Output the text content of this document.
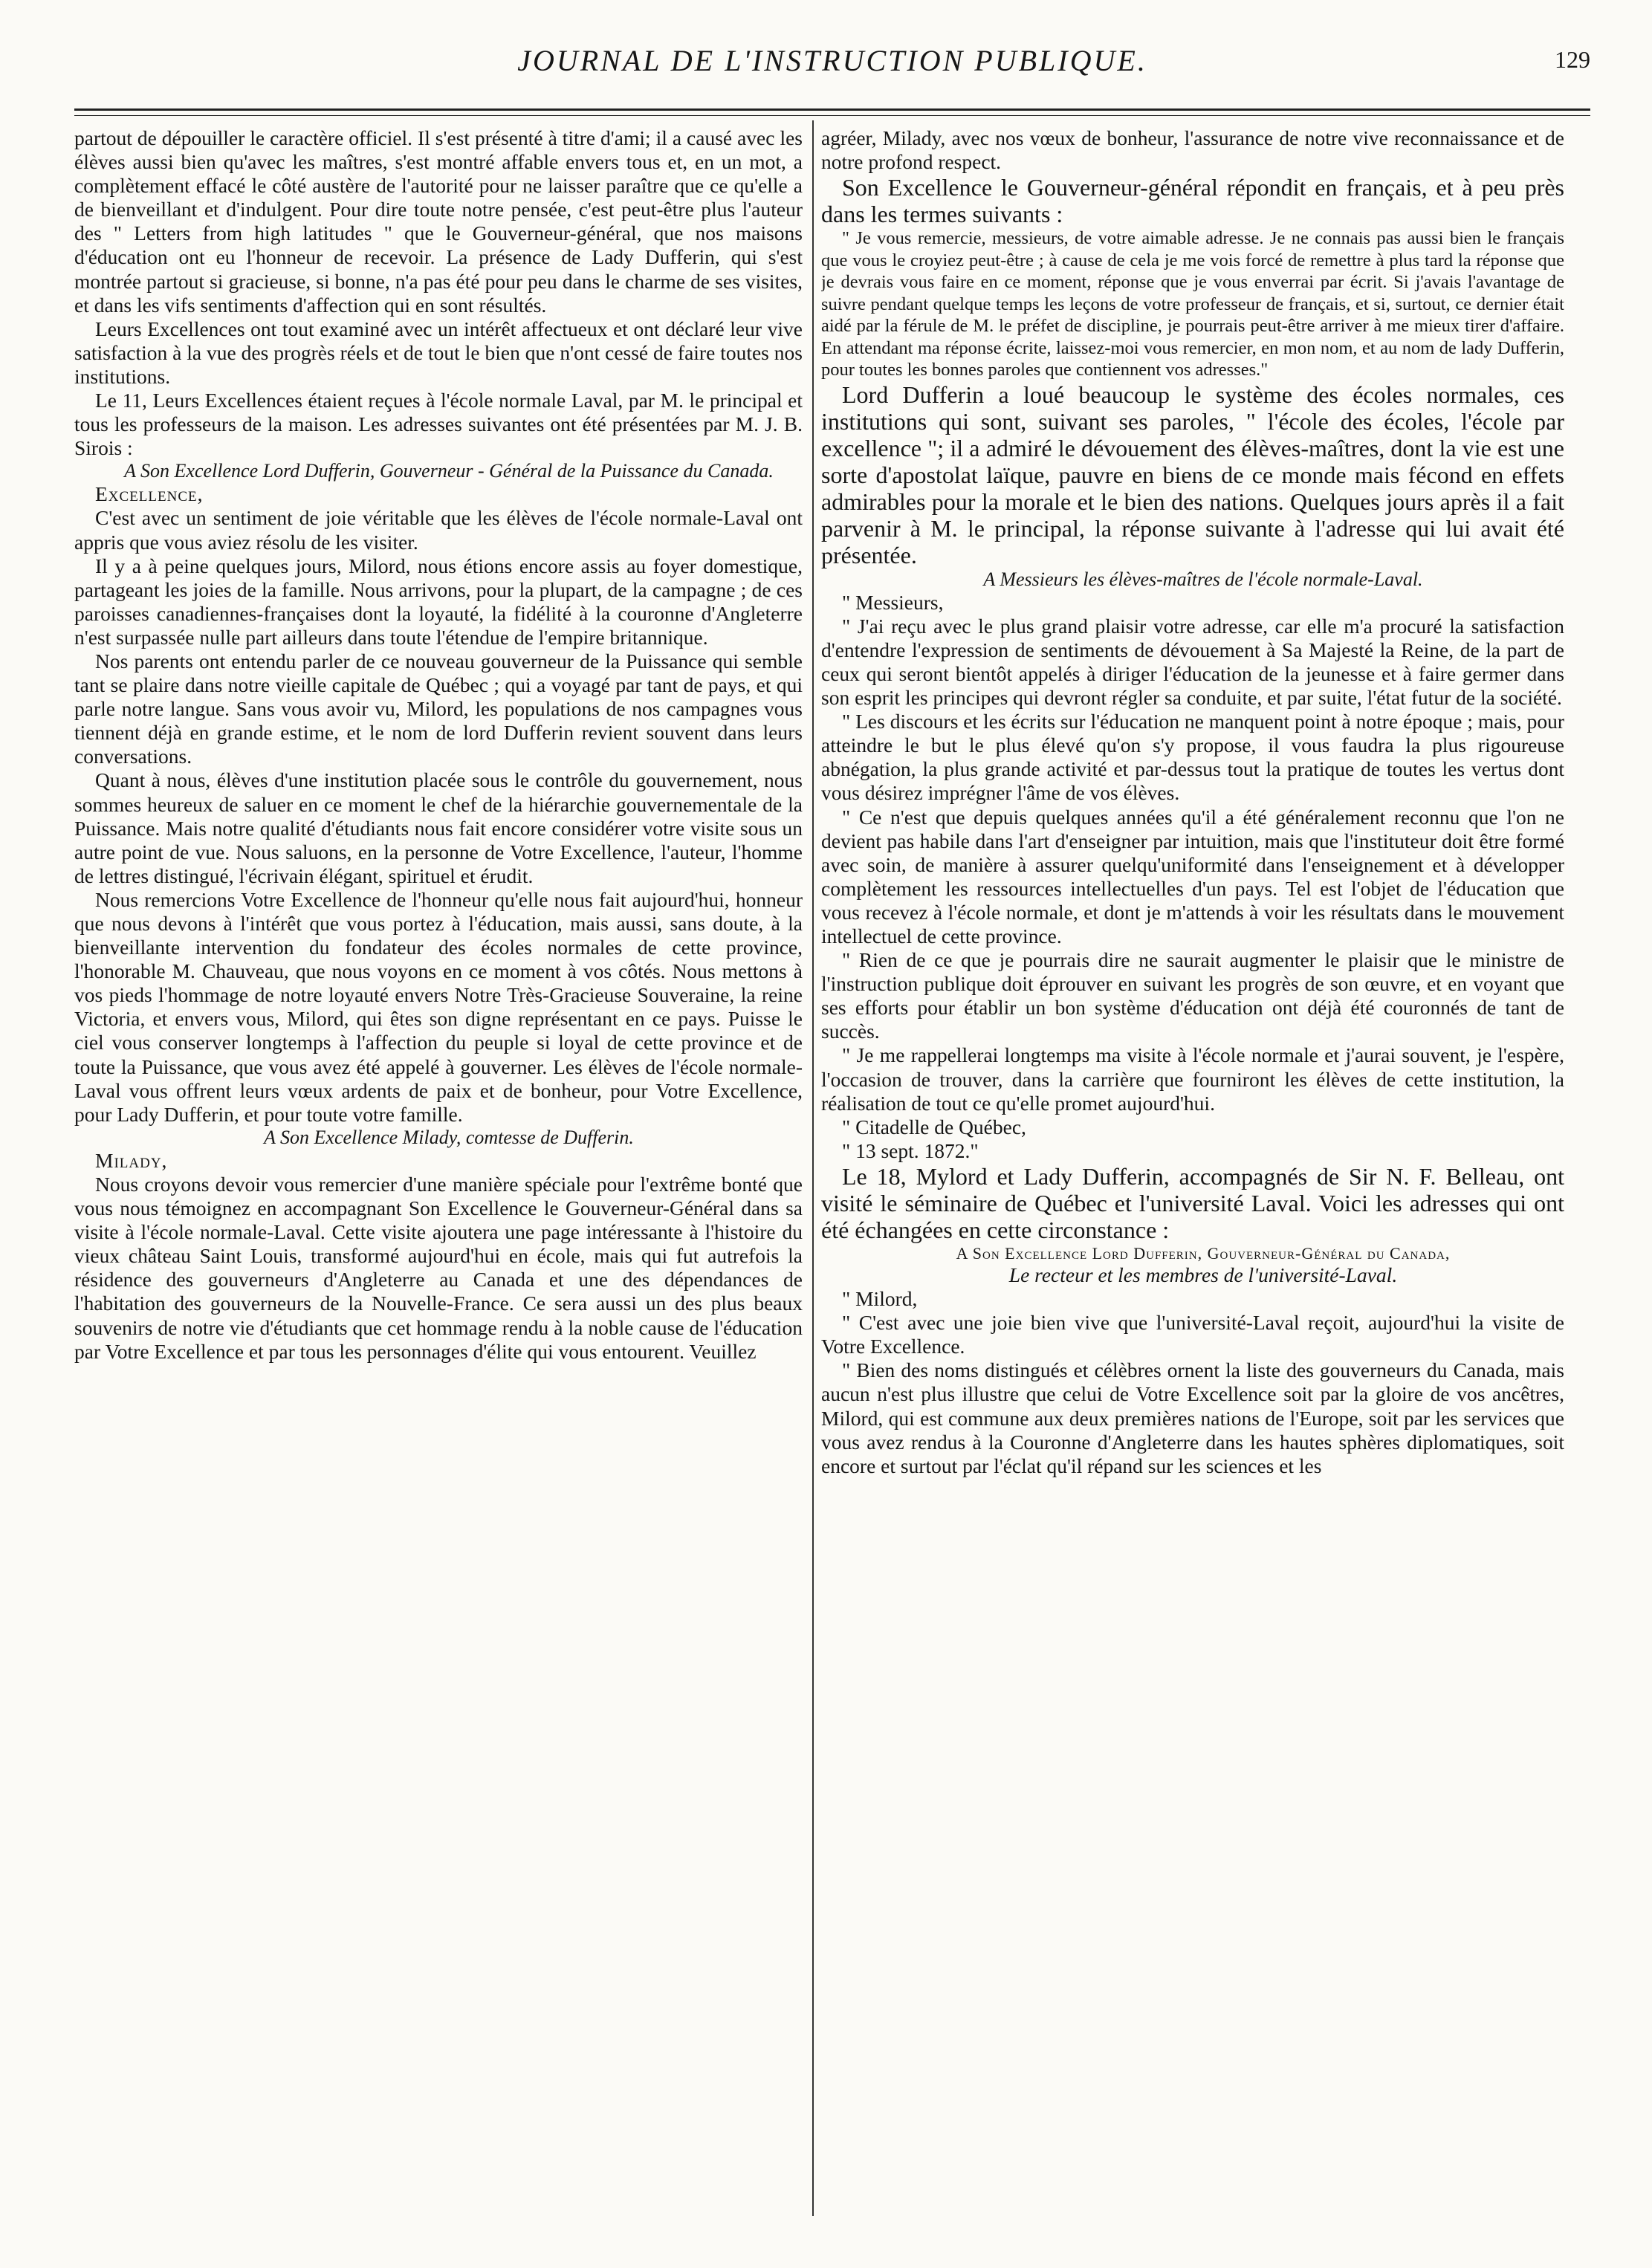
JOURNAL DE L'INSTRUCTION PUBLIQUE.	129

partout de dépouiller le caractère officiel. Il s'est présenté à titre d'ami; il a causé avec les élèves aussi bien qu'avec les maîtres, s'est montré affable envers tous et, en un mot, a complètement effacé le côté austère de l'autorité pour ne laisser paraître que ce qu'elle a de bienveillant et d'indulgent. Pour dire toute notre pensée, c'est peut-être plus l'auteur des " Letters from high latitudes " que le Gouverneur-général, que nos maisons d'éducation ont eu l'honneur de recevoir. La présence de Lady Dufferin, qui s'est montrée partout si gracieuse, si bonne, n'a pas été pour peu dans le charme de ses visites, et dans les vifs sentiments d'affection qui en sont résultés.

Leurs Excellences ont tout examiné avec un intérêt affectueux et ont déclaré leur vive satisfaction à la vue des progrès réels et de tout le bien que n'ont cessé de faire toutes nos institutions.

Le 11, Leurs Excellences étaient reçues à l'école normale Laval, par M. le principal et tous les professeurs de la maison. Les adresses suivantes ont été présentées par M. J. B. Sirois :

A Son Excellence Lord Dufferin, Gouverneur - Général de la Puissance du Canada.

Excellence,

C'est avec un sentiment de joie véritable que les élèves de l'école normale-Laval ont appris que vous aviez résolu de les visiter.

Il y a à peine quelques jours, Milord, nous étions encore assis au foyer domestique, partageant les joies de la famille. Nous arrivons, pour la plupart, de la campagne ; de ces paroisses canadiennes-françaises dont la loyauté, la fidélité à la couronne d'Angleterre n'est surpassée nulle part ailleurs dans toute l'étendue de l'empire britannique.

Nos parents ont entendu parler de ce nouveau gouverneur de la Puissance qui semble tant se plaire dans notre vieille capitale de Québec ; qui a voyagé par tant de pays, et qui parle notre langue. Sans vous avoir vu, Milord, les populations de nos campagnes vous tiennent déjà en grande estime, et le nom de lord Dufferin revient souvent dans leurs conversations.

Quant à nous, élèves d'une institution placée sous le contrôle du gouvernement, nous sommes heureux de saluer en ce moment le chef de la hiérarchie gouvernementale de la Puissance. Mais notre qualité d'étudiants nous fait encore considérer votre visite sous un autre point de vue. Nous saluons, en la personne de Votre Excellence, l'auteur, l'homme de lettres distingué, l'écrivain élégant, spirituel et érudit.

Nous remercions Votre Excellence de l'honneur qu'elle nous fait aujourd'hui, honneur que nous devons à l'intérêt que vous portez à l'éducation, mais aussi, sans doute, à la bienveillante intervention du fondateur des écoles normales de cette province, l'honorable M. Chauveau, que nous voyons en ce moment à vos côtés. Nous mettons à vos pieds l'hommage de notre loyauté envers Notre Très-Gracieuse Souveraine, la reine Victoria, et envers vous, Milord, qui êtes son digne représentant en ce pays. Puisse le ciel vous conserver longtemps à l'affection du peuple si loyal de cette province et de toute la Puissance, que vous avez été appelé à gouverner. Les élèves de l'école normale-Laval vous offrent leurs vœux ardents de paix et de bonheur, pour Votre Excellence, pour Lady Dufferin, et pour toute votre famille.

A Son Excellence Milady, comtesse de Dufferin.

Milady,

Nous croyons devoir vous remercier d'une manière spéciale pour l'extrême bonté que vous nous témoignez en accompagnant Son Excellence le Gouverneur-Général dans sa visite à l'école normale-Laval. Cette visite ajoutera une page intéressante à l'histoire du vieux château Saint Louis, transformé aujourd'hui en école, mais qui fut autrefois la résidence des gouverneurs d'Angleterre au Canada et une des dépendances de l'habitation des gouverneurs de la Nouvelle-France. Ce sera aussi un des plus beaux souvenirs de notre vie d'étudiants que cet hommage rendu à la noble cause de l'éducation par Votre Excellence et par tous les personnages d'élite qui vous entourent. Veuillez

agréer, Milady, avec nos vœux de bonheur, l'assurance de notre vive reconnaissance et de notre profond respect.

Son Excellence le Gouverneur-général répondit en français, et à peu près dans les termes suivants :

" Je vous remercie, messieurs, de votre aimable adresse. Je ne connais pas aussi bien le français que vous le croyiez peut-être ; à cause de cela je me vois forcé de remettre à plus tard la réponse que je devrais vous faire en ce moment, réponse que je vous enverrai par écrit. Si j'avais l'avantage de suivre pendant quelque temps les leçons de votre professeur de français, et si, surtout, ce dernier était aidé par la férule de M. le préfet de discipline, je pourrais peut-être arriver à me mieux tirer d'affaire. En attendant ma réponse écrite, laissez-moi vous remercier, en mon nom, et au nom de lady Dufferin, pour toutes les bonnes paroles que contiennent vos adresses."

Lord Dufferin a loué beaucoup le système des écoles normales, ces institutions qui sont, suivant ses paroles, " l'école des écoles, l'école par excellence "; il a admiré le dévouement des élèves-maîtres, dont la vie est une sorte d'apostolat laïque, pauvre en biens de ce monde mais fécond en effets admirables pour la morale et le bien des nations. Quelques jours après il a fait parvenir à M. le principal, la réponse suivante à l'adresse qui lui avait été présentée.

A Messieurs les élèves-maîtres de l'école normale-Laval.

" Messieurs,

" J'ai reçu avec le plus grand plaisir votre adresse, car elle m'a procuré la satisfaction d'entendre l'expression de sentiments de dévouement à Sa Majesté la Reine, de la part de ceux qui seront bientôt appelés à diriger l'éducation de la jeunesse et à faire germer dans son esprit les principes qui devront régler sa conduite, et par suite, l'état futur de la société.

" Les discours et les écrits sur l'éducation ne manquent point à notre époque ; mais, pour atteindre le but le plus élevé qu'on s'y propose, il vous faudra la plus rigoureuse abnégation, la plus grande activité et par-dessus tout la pratique de toutes les vertus dont vous désirez imprégner l'âme de vos élèves.

" Ce n'est que depuis quelques années qu'il a été généralement reconnu que l'on ne devient pas habile dans l'art d'enseigner par intuition, mais que l'instituteur doit être formé avec soin, de manière à assurer quelqu'uniformité dans l'enseignement et à développer complètement les ressources intellectuelles d'un pays. Tel est l'objet de l'éducation que vous recevez à l'école normale, et dont je m'attends à voir les résultats dans le mouvement intellectuel de cette province.

" Rien de ce que je pourrais dire ne saurait augmenter le plaisir que le ministre de l'instruction publique doit éprouver en suivant les progrès de son œuvre, et en voyant que ses efforts pour établir un bon système d'éducation ont déjà été couronnés de tant de succès.

" Je me rappellerai longtemps ma visite à l'école normale et j'aurai souvent, je l'espère, l'occasion de trouver, dans la carrière que fourniront les élèves de cette institution, la réalisation de tout ce qu'elle promet aujourd'hui.

" Citadelle de Québec,

" 13 sept. 1872."

Le 18, Mylord et Lady Dufferin, accompagnés de Sir N. F. Belleau, ont visité le séminaire de Québec et l'université Laval. Voici les adresses qui ont été échangées en cette circonstance :

A Son Excellence Lord Dufferin, Gouverneur-Général du Canada,

Le recteur et les membres de l'université-Laval.

" Milord,

" C'est avec une joie bien vive que l'université-Laval reçoit, aujourd'hui la visite de Votre Excellence.

" Bien des noms distingués et célèbres ornent la liste des gouverneurs du Canada, mais aucun n'est plus illustre que celui de Votre Excellence soit par la gloire de vos ancêtres, Milord, qui est commune aux deux premières nations de l'Europe, soit par les services que vous avez rendus à la Couronne d'Angleterre dans les hautes sphères diplomatiques, soit encore et surtout par l'éclat qu'il répand sur les sciences et les
